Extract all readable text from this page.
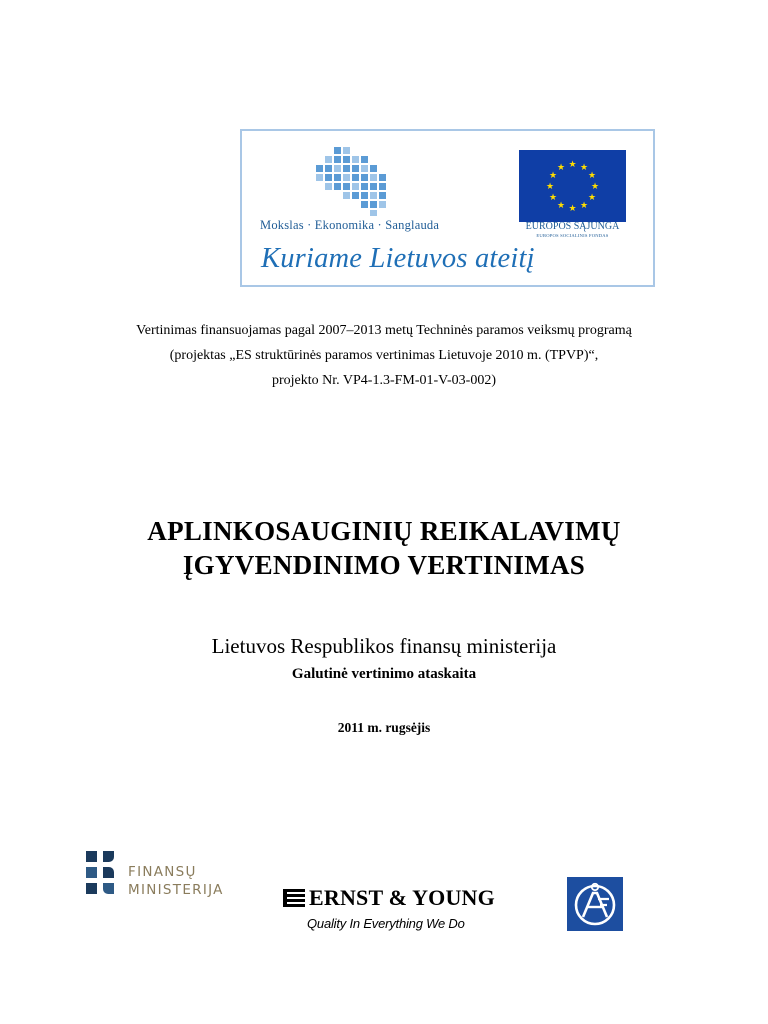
★ ★
★
★
★
★
★
★
★
★
★
★
Mokslas · Ekonomika · Sanglauda	EUROPOS SĄJUNGA
EUROPOS SOCIALINIS FONDAS
Kuriame Lietuvos ateitį
Vertinimas finansuojamas pagal 2007–2013 metų Techninės paramos veiksmų programą
(projektas „ES struktūrinės paramos vertinimas Lietuvoje 2010 m. (TPVP)“,
projekto Nr. VP4-1.3-FM-01-V-03-002)
APLINKOSAUGINIŲ REIKALAVIMŲ
ĮGYVENDINIMO VERTINIMAS
Lietuvos Respublikos finansų ministerija
Galutinė vertinimo ataskaita
2011 m. rugsėjis
FINANSŲ
MINISTERIJA	ERNST & YOUNG
Quality In Everything We Do
